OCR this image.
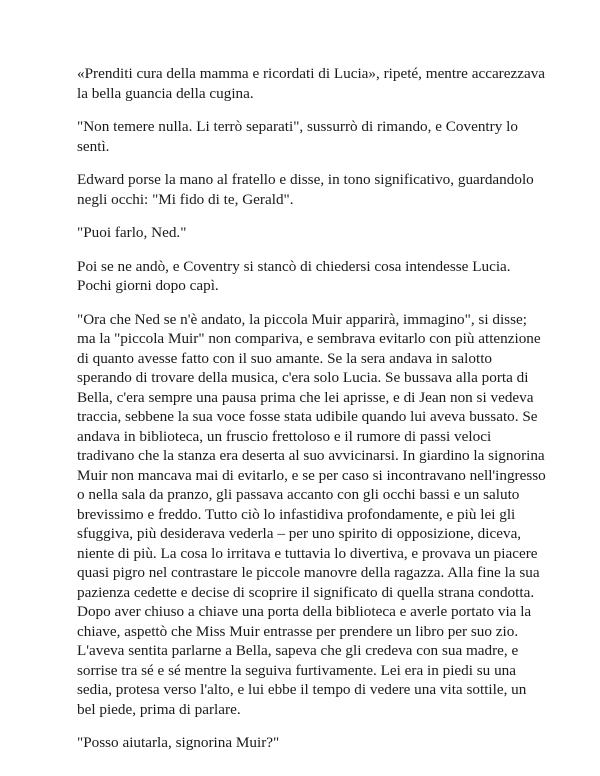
«Prenditi cura della mamma e ricordati di Lucia», ripeté, mentre accarezzava la bella guancia della cugina.

"Non temere nulla. Li terrò separati", sussurrò di rimando, e Coventry lo sentì.

Edward porse la mano al fratello e disse, in tono significativo, guardandolo negli occhi: "Mi fido di te, Gerald".

"Puoi farlo, Ned."

Poi se ne andò, e Coventry si stancò di chiedersi cosa intendesse Lucia. Pochi giorni dopo capì.

"Ora che Ned se n'è andato, la piccola Muir apparirà, immagino", si disse; ma la "piccola Muir" non compariva, e sembrava evitarlo con più attenzione di quanto avesse fatto con il suo amante. Se la sera andava in salotto sperando di trovare della musica, c'era solo Lucia. Se bussava alla porta di Bella, c'era sempre una pausa prima che lei aprisse, e di Jean non si vedeva traccia, sebbene la sua voce fosse stata udibile quando lui aveva bussato. Se andava in biblioteca, un fruscio frettoloso e il rumore di passi veloci tradivano che la stanza era deserta al suo avvicinarsi. In giardino la signorina Muir non mancava mai di evitarlo, e se per caso si incontravano nell'ingresso o nella sala da pranzo, gli passava accanto con gli occhi bassi e un saluto brevissimo e freddo. Tutto ciò lo infastidiva profondamente, e più lei gli sfuggiva, più desiderava vederla – per uno spirito di opposizione, diceva, niente di più. La cosa lo irritava e tuttavia lo divertiva, e provava un piacere quasi pigro nel contrastare le piccole manovre della ragazza. Alla fine la sua pazienza cedette e decise di scoprire il significato di quella strana condotta. Dopo aver chiuso a chiave una porta della biblioteca e averle portato via la chiave, aspettò che Miss Muir entrasse per prendere un libro per suo zio. L'aveva sentita parlarne a Bella, sapeva che gli credeva con sua madre, e sorrise tra sé e sé mentre la seguiva furtivamente. Lei era in piedi su una sedia, protesa verso l'alto, e lui ebbe il tempo di vedere una vita sottile, un bel piede, prima di parlare.

"Posso aiutarla, signorina Muir?"
